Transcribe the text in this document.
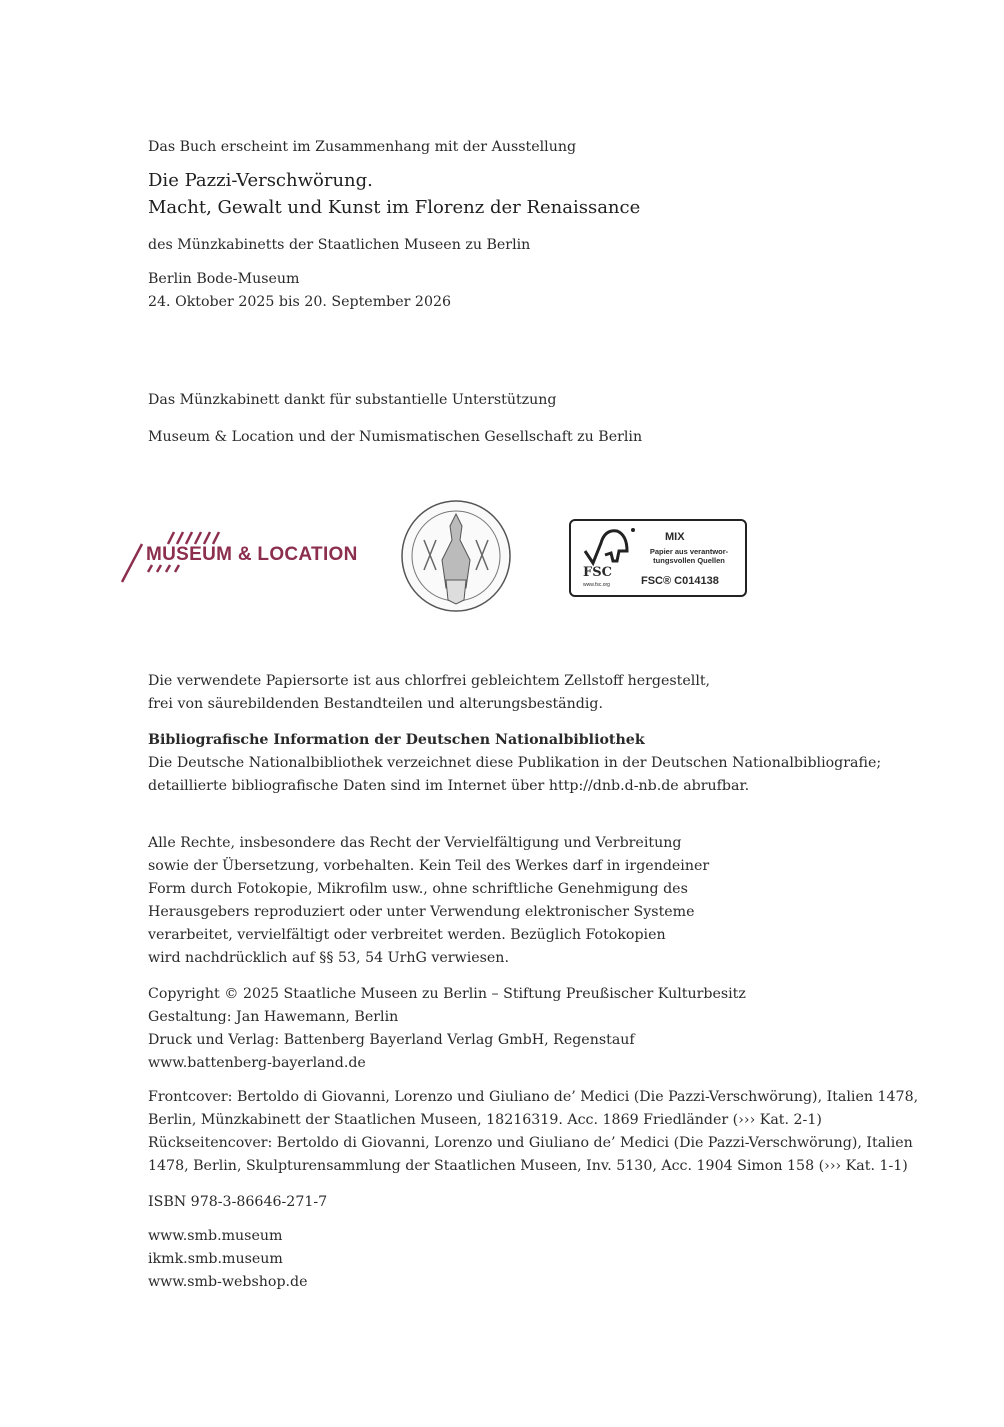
Das Buch erscheint im Zusammenhang mit der Ausstellung
Die Pazzi-Verschwörung.
Macht, Gewalt und Kunst im Florenz der Renaissance
des Münzkabinetts der Staatlichen Museen zu Berlin
Berlin Bode-Museum
24. Oktober 2025 bis 20. September 2026
Das Münzkabinett dankt für substantielle Unterstützung
Museum & Location und der Numismatischen Gesellschaft zu Berlin
MUSEUM & LOCATION
FSC
www.fsc.org
MIX
Papier aus verantwor-
tungsvollen Quellen
FSC® C014138
Die verwendete Papiersorte ist aus chlorfrei gebleichtem Zellstoff hergestellt,
frei von säurebildenden Bestandteilen und alterungsbeständig.
Bibliografische Information der Deutschen Nationalbibliothek
Die Deutsche Nationalbibliothek verzeichnet diese Publikation in der Deutschen Nationalbibliografie;
detaillierte bibliografische Daten sind im Internet über http://dnb.d-nb.de abrufbar.
Alle Rechte, insbesondere das Recht der Vervielfältigung und Verbreitung
sowie der Übersetzung, vorbehalten. Kein Teil des Werkes darf in irgendeiner
Form durch Fotokopie, Mikrofilm usw., ohne schriftliche Genehmigung des
Herausgebers reproduziert oder unter Verwendung elektronischer Systeme
verarbeitet, vervielfältigt oder verbreitet werden. Bezüglich Fotokopien
wird nachdrücklich auf §§ 53, 54 UrhG verwiesen.
Copyright © 2025 Staatliche Museen zu Berlin – Stiftung Preußischer Kulturbesitz
Gestaltung: Jan Hawemann, Berlin
Druck und Verlag: Battenberg Bayerland Verlag GmbH, Regenstauf
www.battenberg-bayerland.de
Frontcover: Bertoldo di Giovanni, Lorenzo und Giuliano de’ Medici (Die Pazzi-Verschwörung), Italien 1478,
Berlin, Münzkabinett der Staatlichen Museen, 18216319. Acc. 1869 Friedländer (››› Kat. 2-1)
Rückseitencover: Bertoldo di Giovanni, Lorenzo und Giuliano de’ Medici (Die Pazzi-Verschwörung), Italien
1478, Berlin, Skulpturensammlung der Staatlichen Museen, Inv. 5130, Acc. 1904 Simon 158 (››› Kat. 1-1)
ISBN 978-3-86646-271-7
www.smb.museum
ikmk.smb.museum
www.smb-webshop.de
